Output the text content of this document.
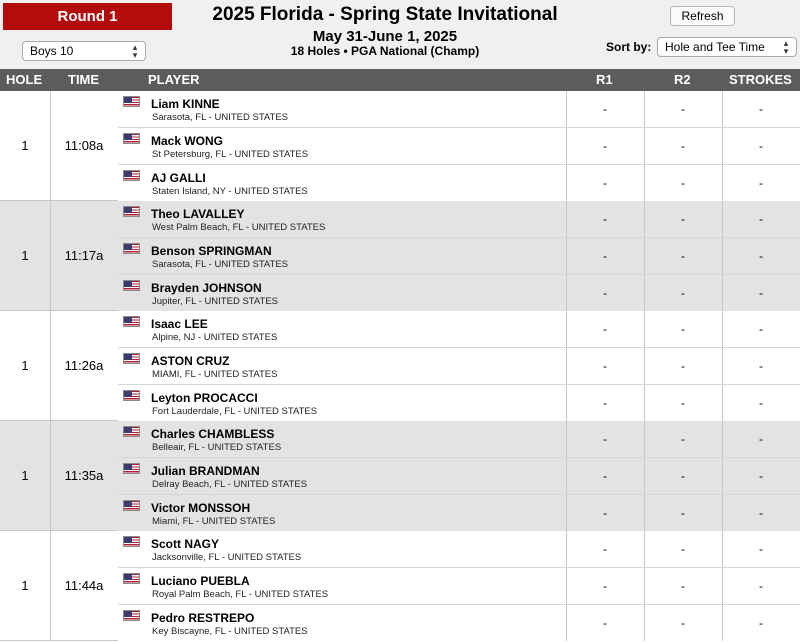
Round 1
Boys 10	▴
▾
2025 Florida - Spring State Invitational
May 31-June 1, 2025
18 Holes • PGA National (Champ)
Refresh
Sort by:	Hole and Tee Time ▴
▾
HOLE TIME	PLAYER	R1	R2	STROKES
1	11:08a
Liam KINNE
Sarasota, FL - UNITED STATES
-	-	-
Mack WONG
St Petersburg, FL - UNITED STATES
-	-	-
AJ GALLI
Staten Island, NY - UNITED STATES
-	-	-
1	11:17a
Theo LAVALLEY
West Palm Beach, FL - UNITED STATES
-	-	-
Benson SPRINGMAN
Sarasota, FL - UNITED STATES
-	-	-
Brayden JOHNSON
Jupiter, FL - UNITED STATES
-	-	-
1	11:26a
Isaac LEE
Alpine, NJ - UNITED STATES
-	-	-
ASTON CRUZ
MIAMI, FL - UNITED STATES
-	-	-
Leyton PROCACCI
Fort Lauderdale, FL - UNITED STATES
-	-	-
1	11:35a
Charles CHAMBLESS
Belleair, FL - UNITED STATES
-	-	-
Julian BRANDMAN
Delray Beach, FL - UNITED STATES
-	-	-
Victor MONSSOH
Miami, FL - UNITED STATES
-	-	-
1	11:44a
Scott NAGY
Jacksonville, FL - UNITED STATES
-	-	-
Luciano PUEBLA
Royal Palm Beach, FL - UNITED STATES
-	-	-
Pedro RESTREPO
Key Biscayne, FL - UNITED STATES
-	-	-
